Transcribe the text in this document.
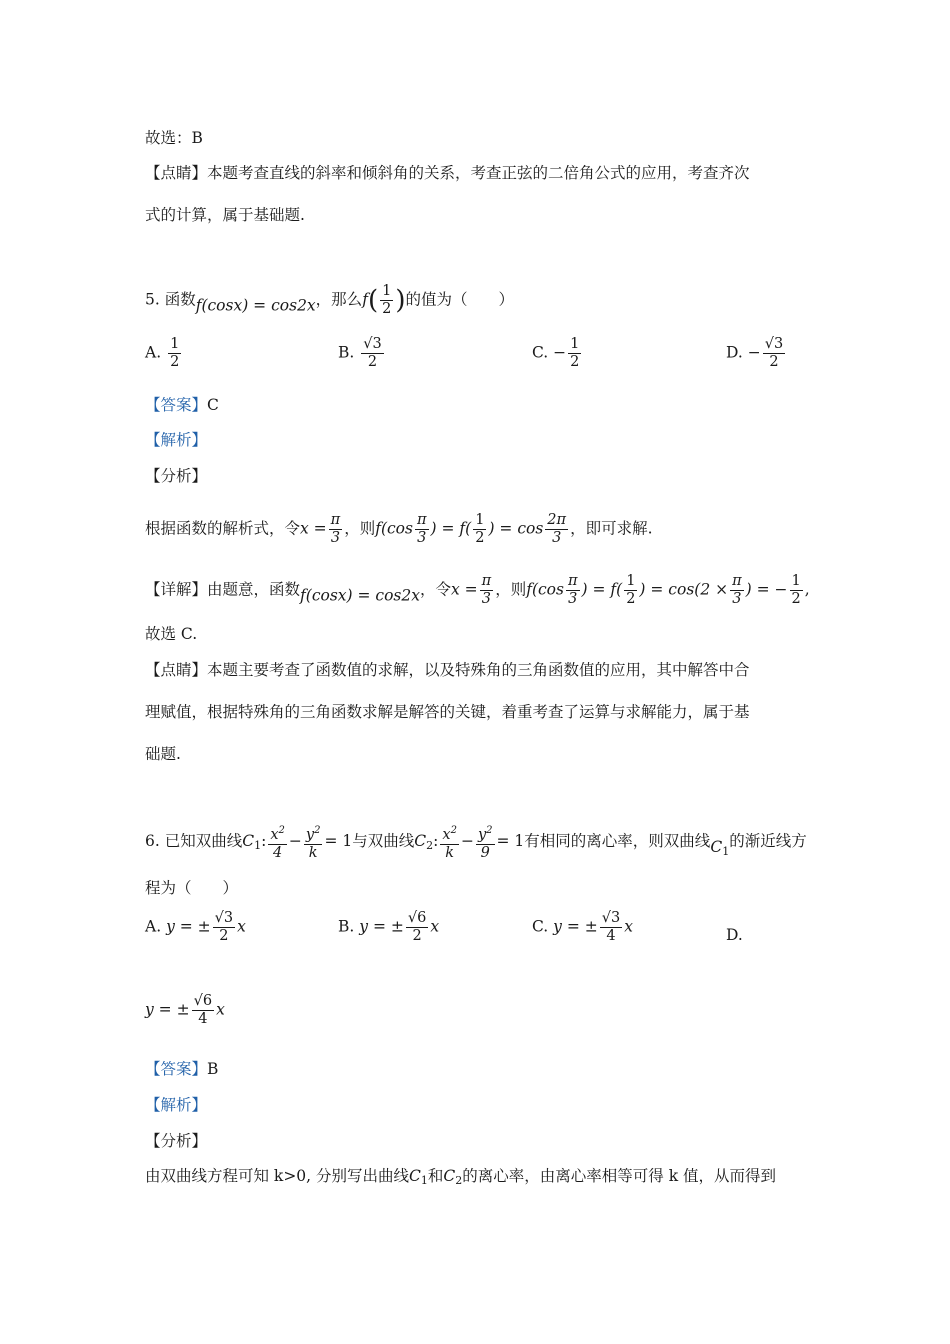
故选：B
【点睛】本题考查直线的斜率和倾斜角的关系，考查正弦的二倍角公式的应用，考查齐次
式的计算，属于基础题.
5. 函数f(cosx) = cos2x，那么$f( \frac{1}{2}$ )的值为（　　）
A. $\frac{1}{2}$	B. $\frac{√3}{2}$	C. − $\frac{1}{2}$	D. − $\frac{√3}{2}$
【答案】C
【解析】
【分析】
根据函数的解析式，令$x = \frac{\pi}{3}$ ，则$f(\cos \frac{\pi}{3}$ ) = $f( \frac{1}{2}$ ) = $\cos \frac{2\pi}{3}$ ，即可求解.
【详解】由题意，函数f(cosx) = cos2x，令$x = \frac{\pi}{3}$ ，则$f(\cos \frac{\pi}{3}$ ) = $f( \frac{1}{2}$ ) = $\cos(2 \times \frac{\pi}{3}$ ) = − $\frac{1}{2}$ ,
故选 C.
【点睛】本题主要考查了函数值的求解，以及特殊角的三角函数值的应用，其中解答中合
理赋值，根据特殊角的三角函数求解是解答的关键，着重考查了运算与求解能力，属于基
础题.
6. 已知双曲线$C_1$: $\frac{x^2}{4} - \frac{y^2}{k} = 1$与双曲线$C_2$: $\frac{x^2}{k} - \frac{y^2}{9} = 1$有相同的离心率，则双曲线$C_1$的渐近线方
程为（　　）
A. y = ± $\frac{√3}{2}$ x	B. y = ± $\frac{√6}{2}$ x	C. y = ± $\frac{√3}{4}$ x	D.
y = ± $\frac{√6}{4}$ x
【答案】B
【解析】
【分析】
由双曲线方程可知 k>0, 分别写出曲线$C_1$和$C_2$的离心率，由离心率相等可得 k 值，从而得到
